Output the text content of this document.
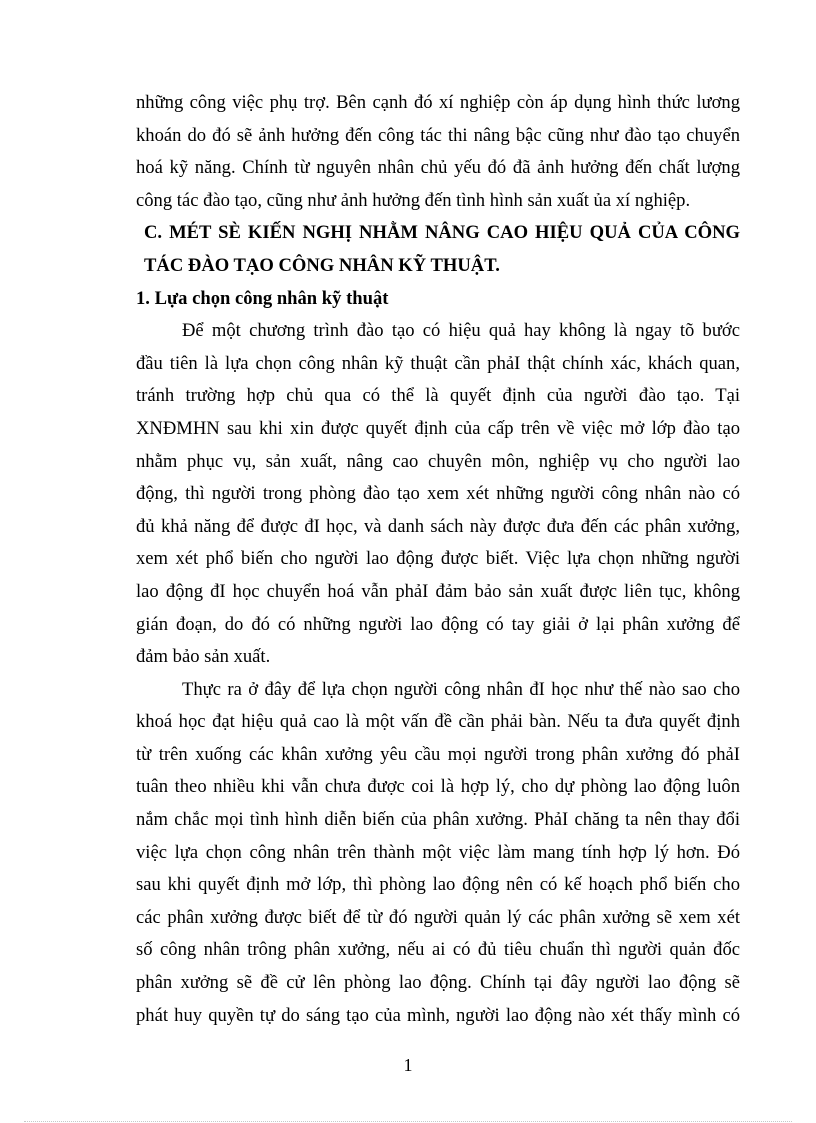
những công việc phụ trợ. Bên cạnh đó xí nghiệp còn áp dụng hình thức lương
khoán do đó sẽ ảnh hưởng đến công tác thi nâng bậc cũng như đào tạo chuyển
hoá kỹ năng. Chính từ nguyên nhân chủ yếu đó đã ảnh hưởng đến chất lượng
công tác đào tạo, cũng như ảnh hưởng đến tình hình sản xuất ủa xí nghiệp.
C. MÉT SÈ KIẾN NGHỊ NHẰM NÂNG CAO HIỆU QUẢ CỦA CÔNG
TÁC ĐÀO TẠO CÔNG NHÂN KỸ THUẬT.
1. Lựa chọn công nhân kỹ thuật
Để một chương trình đào tạo có hiệu quả hay không là ngay tõ bước
đầu tiên là lựa chọn công nhân kỹ thuật cần phảI thật chính xác, khách quan,
tránh trường hợp chủ qua có thể là quyết định của người đào tạo. Tại
XNĐMHN sau khi xin được quyết định của cấp trên về việc mở lớp đào tạo
nhằm phục vụ, sản xuất, nâng cao chuyên môn, nghiệp vụ cho người lao
động, thì người trong phòng đào tạo xem xét những người công nhân nào có
đủ khả năng để được đI học, và danh sách này được đưa đến các phân xưởng,
xem xét phổ biến cho người lao động được biết. Việc lựa chọn những người
lao động đI học chuyển hoá vẫn phảI đảm bảo sản xuất được liên tục, không
gián đoạn, do đó có những người lao động có tay giải ở lại phân xưởng để
đảm bảo sản xuất.
Thực ra ở đây để lựa chọn người công nhân đI học như thế nào sao cho
khoá học đạt hiệu quả cao là một vấn đề cần phải bàn. Nếu ta đưa quyết định
từ trên xuống các khân xưởng yêu cầu mọi người trong phân xưởng đó phảI
tuân theo nhiều khi vẫn chưa được coi là hợp lý, cho dự phòng lao động luôn
nắm chắc mọi tình hình diễn biến của phân xưởng. PhảI chăng ta nên thay đổi
việc lựa chọn công nhân trên thành một việc làm mang tính hợp lý hơn. Đó
sau khi quyết định mở lớp, thì phòng lao động nên có kế hoạch phổ biến cho
các phân xưởng được biết để từ đó người quản lý các phân xưởng sẽ xem xét
số công nhân trông phân xưởng, nếu ai có đủ tiêu chuẩn thì người quản đốc
phân xưởng sẽ đề cử lên phòng lao động. Chính tại đây người lao động sẽ
phát huy quyền tự do sáng tạo của mình, người lao động nào xét thấy mình có
1
